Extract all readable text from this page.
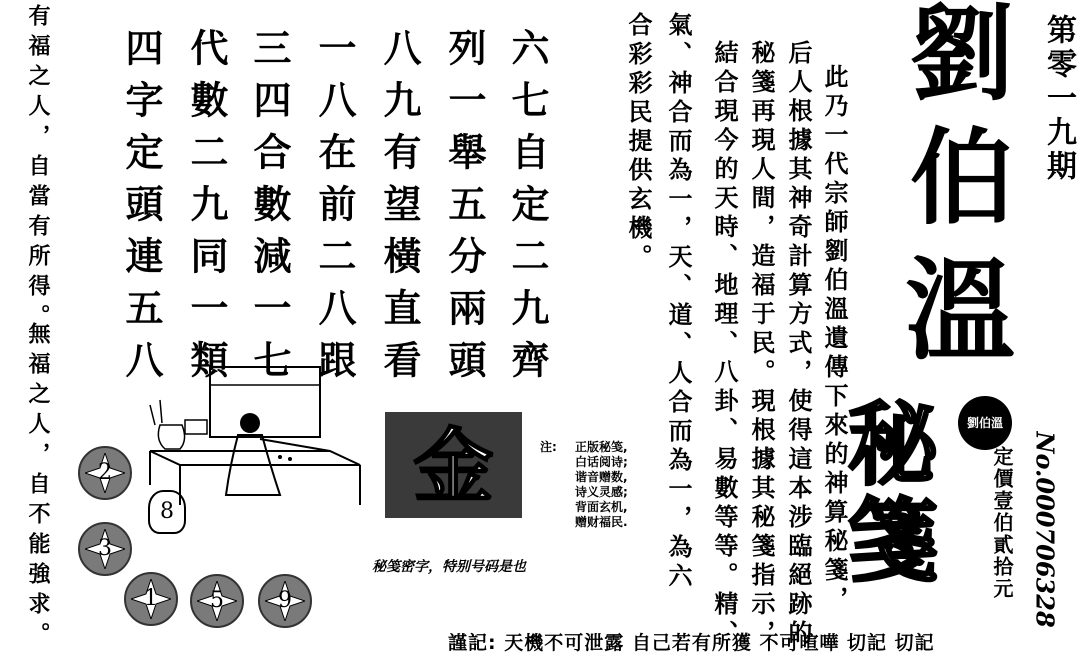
有福之人，自當有所得。
無福之人，自不能強求。
六七自定二九齊
列一舉五分兩頭
八九有望橫直看
一八在前二八跟
三四合數減一七
代數二九同一類
四字定頭連五八	此乃一代宗師劉伯溫遺傳下來的神算秘箋，
后人根據其神奇計算方式，使得這本涉臨絕跡的
秘箋再現人間，造福于民。現根據其秘箋指示，
結合現今的天時、地理、八卦、易數等等。精、
氣、神合而為一，天、道、人合而為一，為六
合彩彩民提供玄機。 劉
伯
溫
秘
箋
劉伯溫
第零一九期
No.000706328
定價壹伯貳拾元
金	注: 正版秘笺,
白话阅诗;
谐音赠数,
诗义灵感;
背面玄机,
赠财福民.
秘笺密字，特别号码是也
8
2
3
1	5	9
謹記: 天機不可泄露 自己若有所獲 不可喧嘩 切記 切記
